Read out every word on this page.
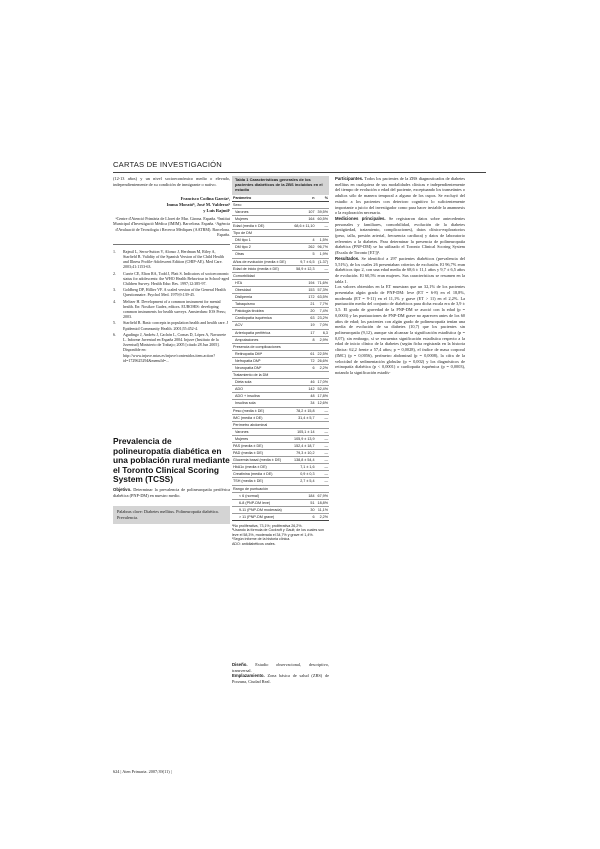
CARTAS DE INVESTIGACIÓN

(12-13 años) y un nivel socioeconómico medio o elevado, independientemente de su condición de inmigrante o nativo.

Francisco Codina Garcíaᵃ,
Imma Moratóᵇ, José M. Valderasᵇ
y Luis Rajmilᶜ

ᵃCentre d'Atenció Primària de Lloret de Mar. Girona. España. ᵇInstitut Municipal d'Investigació Mèdica (IMIM). Barcelona. España. ᶜAgència d'Avaluació de Tecnologia i Recerca Mèdiques (AATRM). Barcelona. España.

1. Rajmil L, Serra-Sutton V, Alonso J, Herdman M, Riley A, Starfield B. Validity of the Spanish Version of the Child Health and Illness Profile-Adolescent Edition (CHIP-AE). Med Care. 2003;41:1153-63.
2. Currie CE, Elton RA, Todd J, Platt S. Indicators of socioeconomic status for adolescents: the WHO Health Behaviour in School-aged Children Survey. Health Educ Res. 1997;12:385-97.
3. Goldberg DP, Hillier VF. A scaled version of the General Health Questionnaire. Psychol Med. 1979;9:139-45.
4. Meltzer H. Development of a common instrument for mental health. En: Nosikov Gudex, editors. EUROHIS: developing common instruments for health surveys. Amsterdam: IOS Press; 2003.
5. Starfield B. Basic concepts in population health and health care. J Epidemiol Community Health. 2001;55:452-4.
6. Agudingo J, Andréu J, Cachón L, Comas D, López A, Navarrete L. Informe Juventud en España 2004. Injuve (Instituto de la Juventud) Ministerio de Trabajo; 2005 [citado 28 Jun 2005]. Disponible en: http://www.injuve.mtas.es/injuve/contenidos.item.action?id=1729625294&menuId=...
Prevalencia de polineuropatía diabética en una población rural mediante el Toronto Clinical Scoring System (TCSS)

Objetivo. Determinar la prevalencia de polineuropatía periférica diabética (PNP-DM) en nuestro medio.

Palabras clave: Diabetes mellitus. Polineuropatía diabética. Prevalencia.
Tabla 1 Características generales de los pacientes diabéticos de la ZBS incluidos en el estudio
Parámetro	n	%
Sexo		
Varones	107	39,5%
Mujeres	164	60,5%
Edad (media ± DE)	68,6 ± 11,10	—
Tipo de DM		
DM tipo 1	4	1,5%
DM tipo 2	262	96,7%
Otras	5	1,9%
Años de evolución (media ± DE)	9,7 ± 6,5	(1-37)
Edad de inicio (media ± DE)	58,9 ± 12,3	—
Comorbilidad		
HTA	194	71,6%
Obesidad	153	57,3%
Dislipemia	172	63,5%
Tabaquismo	21	7,7%
Patología tiroidea	20	7,4%
Cardiopatía isquémica	63	23,2%
ACV	19	7,0%
Arteriopatía periférica	17	6,3
Amputaciones	8	2,9%
Presencia de complicaciones		
Retinopatía DMᵃ	61	22,5%
Nefropatía DMᵇ	72	26,6%
Neuropatía DMᶜ	6	2,2%
Tratamiento de la DM		
Dieta sola	46	17,0%
ADO	142	52,4%
ADO + insulina	48	17,8%
Insulina sola	34	12,6%
Peso (media ± DE)	78,2 ± 15,8	—
IMC (media ± DE)	31,4 ± 5,7	—
Perímetro abdominal		
Varones	105,1 ± 14	—
Mujeres	105,9 ± 13,9	—
PAS (media ± DE)	152,4 ± 18,7	—
PAD (media ± DE)	79,3 ± 10,2	—
Glucemia basal (media ± DE)	138,8 ± 54,4	—
HbA1c (media ± DE)	7,1 ± 1,6	—
Creatinina (media ± DE)	0,9 ± 0,3	—
TSH (media ± DE)	2,7 ± 5,4	—
Rango de puntuación		
< 6 (normal)	184	67,9%
6-8 (PNP-DM leve)	51	18,8%
9-11 (PNP-DM moderada)	30	11,1%
> 11 (PNP-DM grave)	6	2,2%
ᵃNo proliferativa, 73,1%; proliferativa 26,2%.
ᵇUsando la fórmula de Cockroft y Gault; de los cuales son leve el 58,3%, moderada el 34,7% y grave el 1,4%.
ᶜSegún informe de la historia clínica.
ADO: antidiabéticos orales.

Diseño. Estudio observacional, descriptivo, transversal.

Emplazamiento. Zona básica de salud (ZBS) de Porzuna, Ciudad Real.

Participantes. Todos los pacientes de la ZBS diagnosticados de diabetes mellitus en cualquiera de sus modalidades clínicas e independientemente del tiempo de evolución o edad del paciente, exceptuando los transeúntes o adultos sólo de manera temporal a alguno de los cupos. Se excluyó del estudio a los pacientes con deterioro cognitivo lo suficientemente importante a juicio del investigador como para hacer inviable la anamnesis o la exploración necesaria.

Mediciones principales. Se registraron datos sobre antecedentes personales y familiares, comorbilidad, evolución de la diabetes (antigüedad, tratamiento, complicaciones), datos clínico-exploratorios (peso, talla, presión arterial, frecuencia cardíaca) y datos de laboratorio referentes a la diabetes. Para determinar la presencia de polineuropatía diabética (PNP-DM) se ha utilizado el Toronto Clinical Scoring System (Escala de Toronto [ET])¹.

Resultados. Se identificó a 297 pacientes diabéticos (prevalencia del 5,51%), de los cuales 26 presentaban criterios de exclusión. El 96,7% eran diabéticos tipo 2, con una edad media de 68,6 ± 11,1 años y 9,7 ± 6,5 años de evolución. El 60,5% eran mujeres. Sus características se resumen en la tabla 1.

Los valores obtenidos en la ET muestran que un 32,1% de los pacientes presentaba algún grado de PNP-DM: leve (ET = 6-8) en el 18,8%, moderada (ET = 9-11) en el 11,1% y grave (ET > 11) en el 2,2%. La puntuación media del conjunto de diabéticos para dicha escala era de 3,9 ± 3,5. El grado de gravedad de la PNP-DM se asoció con la edad (p = 0,0003) y las puntuaciones de PNP-DM grave no aparecen antes de los 60 años de edad; los pacientes con algún grado de polineuropatía tenían una media de evolución de su diabetes (10,7) que los pacientes sin polineuropatía (9,12), aunque sin alcanzar la significación estadística (p = 0,07); sin embargo, sí se encuentra significación estadística respecto a la edad de inicio clínico de la diabetes (según ficha registrada en la historia clínica: 62,2 frente a 57,4 años; p = 0,0028), el índice de masa corporal (IMC) (p = 0,0056), perímetro abdominal (p = 0,0008), la cifra de la velocidad de sedimentación globular (p = 0,002) y los diagnósticos de retinopatía diabética (p < 0,0001) o cardiopatía isquémica (p = 0,0003), notando la significación estadís-

624 | Aten Primaria. 2007;39(11) |
